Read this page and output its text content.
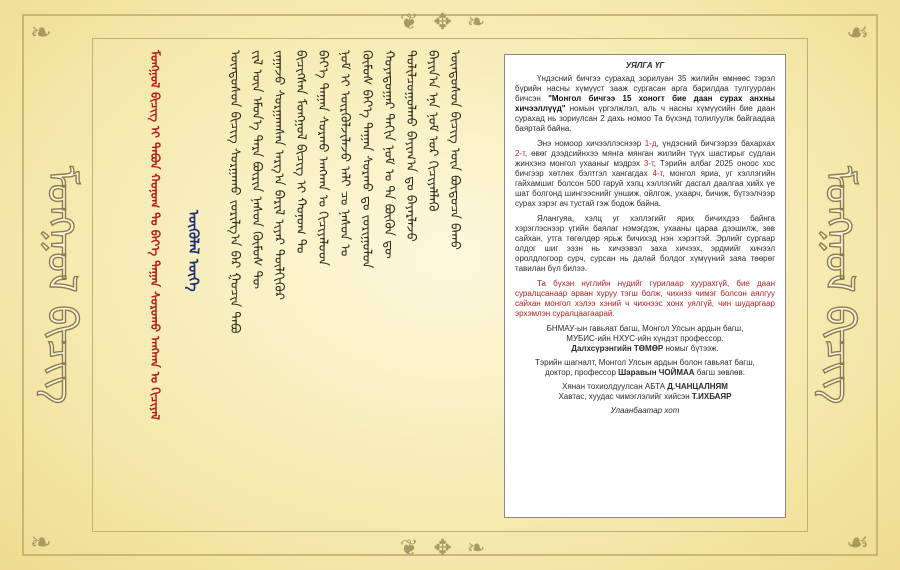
❦ ✥ ❧
❦ ✥ ❧
❧	☙
❧	☙
ᠮᠣᠩᠭᠣᠯ ᠪᠢᠴᠢᠭ	ᠮᠣᠩᠭᠣᠯ ᠪᠢᠴᠢᠭ
ᠮᠣᠩᠭᠣᠯ ᠪᠢᠴᠢᠭ ᠢ ᠲᠠᠪᠤᠨ ᠬᠣᠨᠤᠭ ᠲᠤ ᠪᠡᠶ᠎ᠡ ᠳᠠᠭᠠᠨ ᠰᠤᠷᠤᠬᠤ ᠠᠩᠬᠠᠨ ᠤ ᠬᠢᠴᠢᠶᠡᠯ ᠥᠭᠦᠯᠡᠯ ᠦᠭᠡ ᠦᠨᠳᠦᠰᠦᠨ ᠪᠢᠴᠢᠭ ᠰᠤᠷᠭᠠᠬᠤ ᠵᠣᠷᠢᠯᠭ᠎ᠠ ᠪᠠᠷ ᠭᠤᠴᠢᠨ ᠲᠠᠪᠤ ᠵᠢᠯ ᠦᠨ ᠡᠮᠦᠨ᠎ᠡ ᠲᠡᠷᠡ ᠪᠦᠷᠢᠨ ᠨᠠᠰᠤᠨ ᠬᠦᠮᠦᠰ ᠲᠦ ᠵᠠᠭᠠᠵᠤ ᠰᠤᠷᠭᠠᠭᠰᠠᠨ ᠠᠷᠭ᠎ᠠ ᠪᠠᠷᠢᠯ ᠢᠶᠠᠷ ᠲᠦᠯᠬᠢᠭᠦᠷ ᠪᠢᠴᠢᠭᠰᠡᠨ ᠮᠣᠩᠭᠣᠯ ᠪᠢᠴᠢᠭ ᠢ ᠬᠣᠨᠤᠭ ᠲᠤ ᠪᠡᠶ᠎ᠡ ᠳᠠᠭᠠᠨ ᠰᠤᠷᠬᠤ ᠠᠩᠬᠠᠨ ᠤ ᠬᠢᠴᠢᠶᠡᠯᠦᠳ ᠨᠣᠮ ᠢ ᠦᠷᠭᠦᠯᠵᠢᠯᠡᠵᠦ ᠠᠯᠢ ᠴᠤ ᠨᠠᠰᠤᠨ ᠤ ᠬᠦᠮᠦᠰ ᠪᠡᠶ᠎ᠡ ᠳᠠᠭᠠᠨ ᠰᠤᠷᠬᠤ ᠳᠤ ᠵᠣᠷᠢᠭᠤᠯᠤᠨ ᠬᠣᠶᠠᠳᠤᠭᠠᠷ ᠳᠠᠬᠢᠨ ᠨᠣᠮ ᠣ ᠲᠠ ᠪᠦᠬᠦᠨ ᠳᠦ ᠲᠣᠯᠢᠯᠴᠤᠭᠤᠯᠬᠤ ᠪᠠᠶᠢᠭ᠎ᠠ ᠳᠤ ᠪᠠᠶᠠᠷᠯᠠᠵᠤ ᠪᠠᠶᠢᠨ᠎ᠠ ᠡᠨᠡ ᠨᠣᠮ ᠣᠷ ᠬᠢᠴᠢᠶᠡᠯᠯᠡᠬᠦ ᠦᠨᠳᠦᠰᠦᠨ ᠪᠢᠴᠢᠭ ᠦᠨ ᠪᠦᠲᠦᠴᠡ ᠪᠠᠬᠤ	УЯЛГА ҮГ

Үндэсний бичгээ сурахад зорилуан 35 жилийн өмнөөс тэрэл бүрийн насны хүмүүст зааж сургасан арга барилдаа тулгуурлан бичсэн "Монгол бичгээ 15 хоногт бие даан сурах анхны хичээллүүд" номын үргэлжлэл, аль ч насны хүмүүсийн бие даан сурахад нь зориулсан 2 дахь номоо Та бүхэнд толилуулж байгаадаа баяртай байна.

Энэ номоор хичээллэснээр 1-д, үндэсний бичгээрээ бахархах 2-т, өвөг дээдсийнхээ мянга мянган жилийн түүх шастирыг судлан жинхэнэ монгол ухааныг мэдрэх 3-т, Тэрийн албаг 2025 оноос хос бичгээр хөтлөх бэлтгэл хангагдах 4-т, монгол яриа, уг хэллэгийн гайхамшиг болсон 500 гаруй хэлц хэллэгийг дасгал даалгаа хийх үе шат болгонд шингээснийг уншиж, ойлгож, ухаарч, бичиж, бүтээлчээр сурах зэрэг ач тустай гэж бодож байна.

Ялангуяа, хэлц уг хэллэгийг ярих бичихдээ байнга хэрэглэснээр үгийн баялаг нэмэгдэж, ухааны цараа дээшилж, зөв сайхан, утга төгөлдөр ярьж бичихэд нэн хэрэгтэй. Эрлийг сургаар олдог шиг ээзн нь хичээвэл заха хичээх, эрдмийг хичээл оролдлогоор сурч, сурсан нь далай болдог хүмүүний заяа төөрөг тавилан бүл билээ.

Та бүхэн нүглийн нүдийг гүрилаар хуурахгүй, бие даан суралцсанаар арван хуруу тэгш болж, чихнээ чимэг болсон аялгуу сайхан монгол хэлээ хэний ч чихнээс хонх уялгүй, чин шударгаар эрхэмлэн суралцаагаарай.

БНМАУ-ын гавьяат багш, Монгол Улсын ардын багш,
МУБИС-ийн НХУС-ийн хүндэт профессор.
Далхсүрэнгийн ТӨМӨР номыг бүтээж.

Тэрийн шагналт, Монгол Улсын ардын болон гавьяат багш,
доктор, профессор Шаравын ЧОЙМАА багш зөвлөв.

Хянан тохиолдуулсан АБТА Д.ЧАНЦАЛНЯМ
Хавтас, хуудас чимэглэлийг хийсэн Т.ИХБАЯР

Улаанбаатар хот
